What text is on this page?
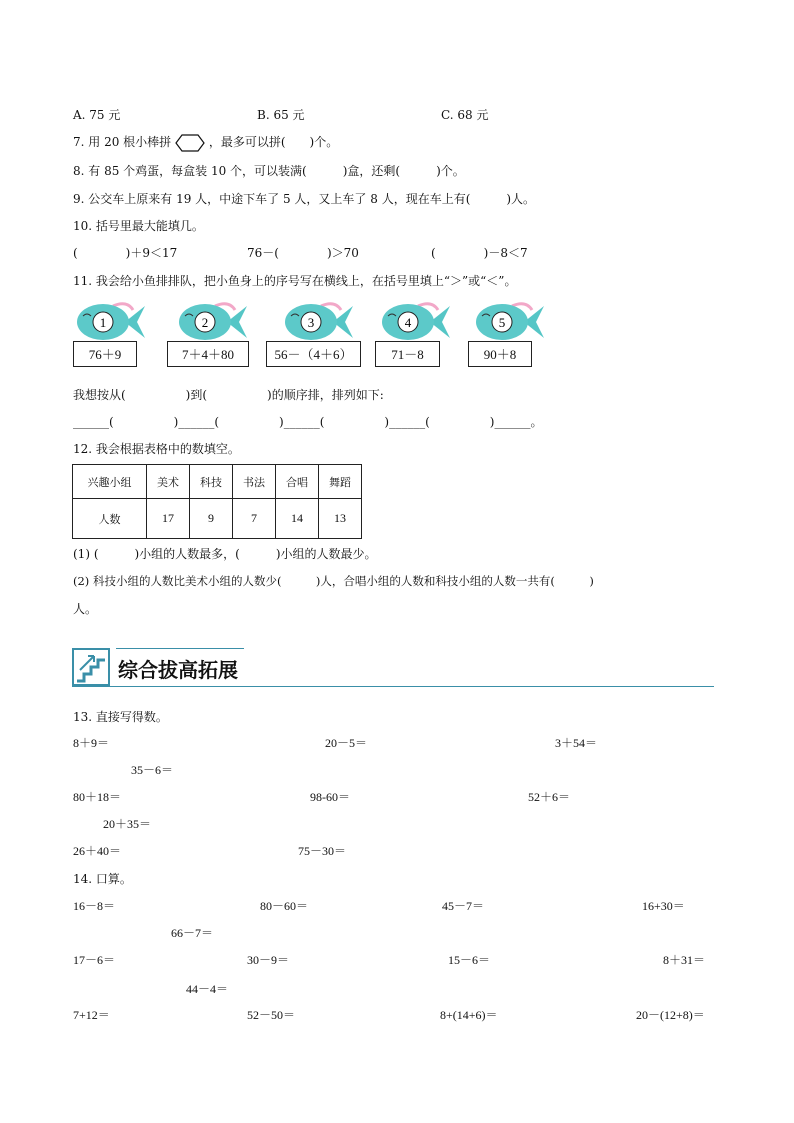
A. 75 元	B. 65 元	C. 68 元
7. 用 20 根小棒拼	，最多可以拼(　　)个。
8. 有 85 个鸡蛋，每盒装 10 个，可以装满(　　　)盒，还剩(　　　)个。
9. 公交车上原来有 19 人，中途下车了 5 人，又上车了 8 人，现在车上有(　　　)人。
10. 括号里最大能填几。
(　　　　)＋9＜17	76－(　　　　)＞70	(　　　　)－8＜7
11. 我会给小鱼排排队，把小鱼身上的序号写在横线上，在括号里填上“＞”或“＜”。
1	2	3	4	5
76＋9	7＋4＋80	56－（4＋6）	71－8	90＋8
我想按从(　　　　　)到(　　　　　)的顺序排，排列如下:
______(　　　　　)______(　　　　　)______(　　　　　)______(　　　　　)______。
12. 我会根据表格中的数填空。
兴趣小组	美术	科技	书法	合唱	舞蹈
人数	17	9	7	14	13
(1) (　　　)小组的人数最多，(　　　)小组的人数最少。
(2) 科技小组的人数比美术小组的人数少(　　　)人，合唱小组的人数和科技小组的人数一共有(　　　)
人。
综合拔高拓展
13. 直接写得数。
8＋9＝	20－5＝	3＋54＝
35－6＝
80＋18＝	98-60＝	52＋6＝
20＋35＝
26＋40＝	75－30＝
14. 口算。
16－8＝	80－60＝	45－7＝	16+30＝
66－7＝
17－6＝	30－9＝	15－6＝	8＋31＝
44－4＝
7+12＝	52－50＝	8+(14+6)＝	20－(12+8)＝
